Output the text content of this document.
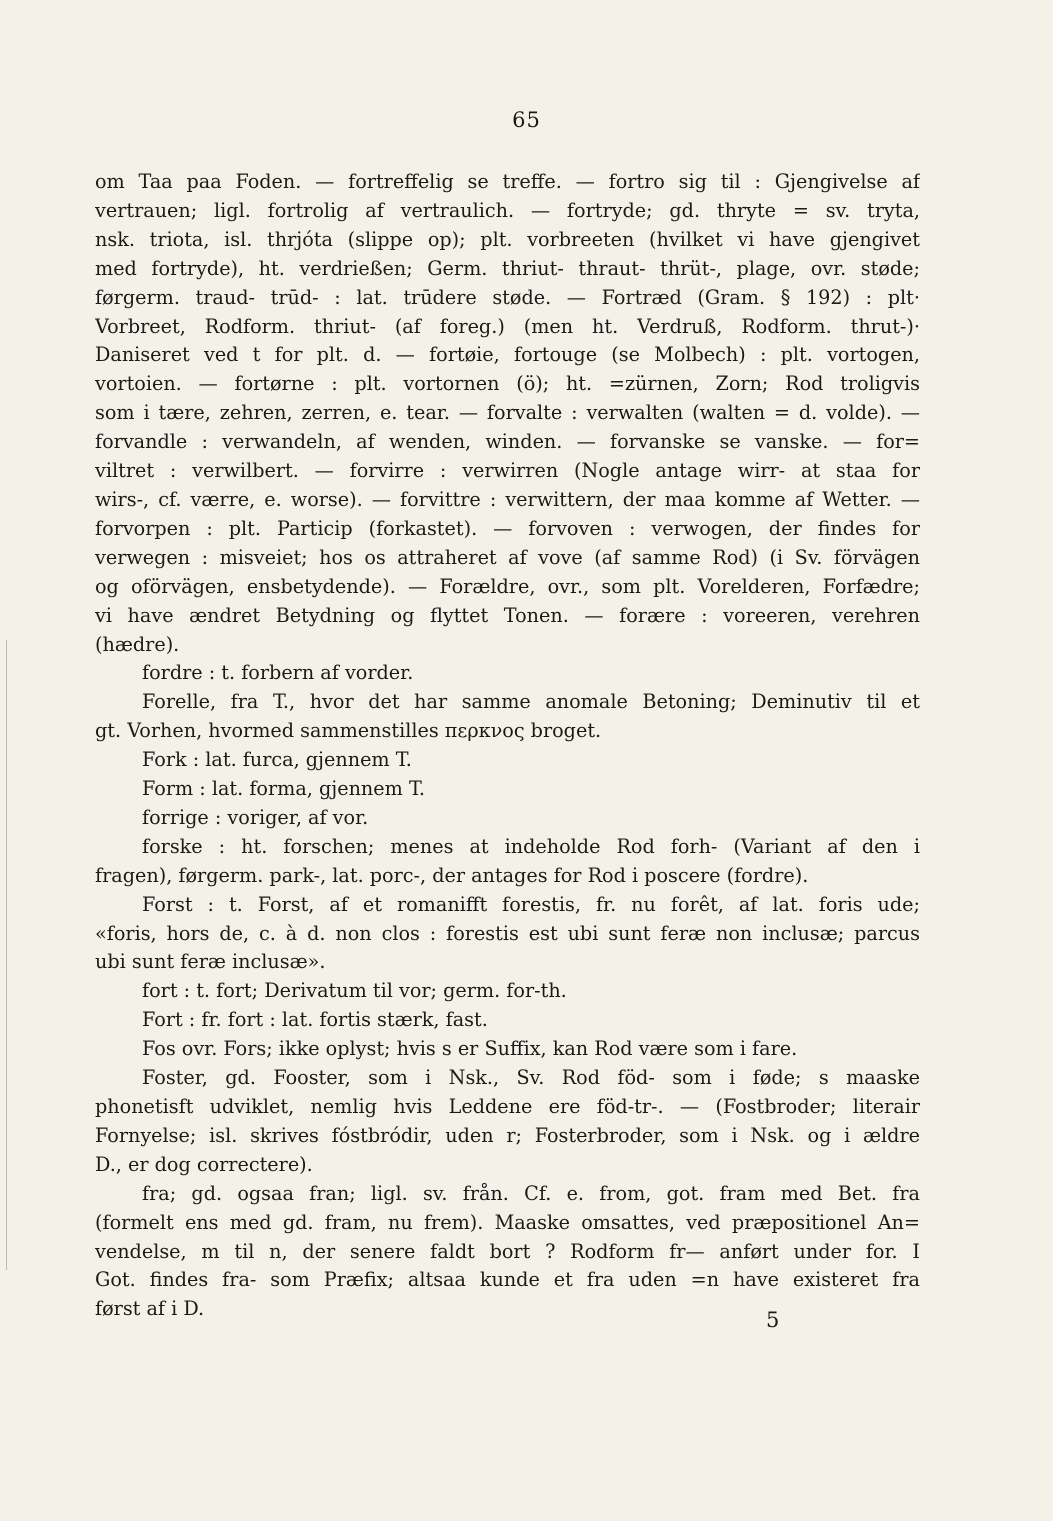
65
om Taa paa Foden. — fortreffelig se treffe. — fortro sig til : Gjengivelse af
vertrauen; ligl. fortrolig af vertraulich. — fortrydе; gd. thryte = sv. tryta,
nsk. triota, isl. thrjóta (slippe op); plt. vorbreeten (hvilket vi have gjengivet
med fortrydе), ht. verdrießen; Germ. thriut- thraut- thrüt-, plage, ovr. støde;
førgerm. traud- trūd- : lat. trūdere støde. — Fortræd (Gram. § 192) : plt·
Vorbreet, Rodform. thriut- (af foreg.) (men ht. Verdruß, Rodform. thrut-)·
Daniseret ved t for plt. d. — fortøie, fortouge (se Molbech) : plt. vortogen,
vortoien. — fortørne : plt. vortornen (ö); ht. =zürnen, Zorn; Rod troligvis
som i tære, zehren, zerren, e. tear. — forvalte : verwalten (walten = d. volde). —
forvandle : verwandeln, af wenden, winden. — forvanske se vanske. — for=
viltret : verwilbert. — forvirre : verwirren (Nogle antage wirr- at staa for
wirs-, cf. værre, e. worse). — forvittre : verwittern, der maa komme af Wetter. —
forvorpen : plt. Particip (forkastet). — forvoven : verwogen, der findes for
verwegen : misveiet; hos os attraheret af vove (af samme Rod) (i Sv. förvägen
og oförvägen, ensbetydende). — Forældre, ovr., som plt. Vorelderen, Forfædre;
vi have ændret Betydning og flyttet Tonen. — forære : voreeren, verehren
(hædre).
fordre : t. forbern af vorder.
Forelle, fra T., hvor det har samme anomale Betoning; Deminutiv til et
gt. Vorhen, hvormed sammenstilles περκνος broget.
Fork : lat. furca, gjennem T.
Form : lat. forma, gjennem T.
forrige : voriger, af vor.
forske : ht. forschen; menes at indeholde Rod forh- (Variant af den i
fragen), førgerm. park-, lat. porc-, der antages for Rod i poscere (fordre).
Forst : t. Forst, af et romanifft forestis, fr. nu forêt, af lat. foris ude;
«foris, hors de, c. à d. non clos : forestis est ubi sunt feræ non inclusæ; parcus
ubi sunt feræ inclusæ».
fort : t. fort; Derivatum til vor; germ. for-th.
Fort : fr. fort : lat. fortis stærk, fast.
Fos ovr. Fors; ikke oplyst; hvis s er Suffix, kan Rod være som i fare.
Foster, gd. Fooster, som i Nsk., Sv. Rod föd- som i føde; s maaske
phonetisft udviklet, nemlig hvis Leddene ere föd-tr-. — (Fostbroder; literair
Fornyelse; isl. skrives fóstbródir, uden r; Fosterbroder, som i Nsk. og i ældre
D., er dog correctere).
fra; gd. ogsaa fran; ligl. sv. från. Cf. e. from, got. fram med Bet. fra
(formelt ens med gd. fram, nu frem). Maaske omsattes, ved præpositionel An=
vendelse, m til n, der senere faldt bort ? Rodform fr— anført under for. I
Got. findes fra- som Præfix; altsaa kunde et fra uden =n have existeret fra
først af i D.	5
